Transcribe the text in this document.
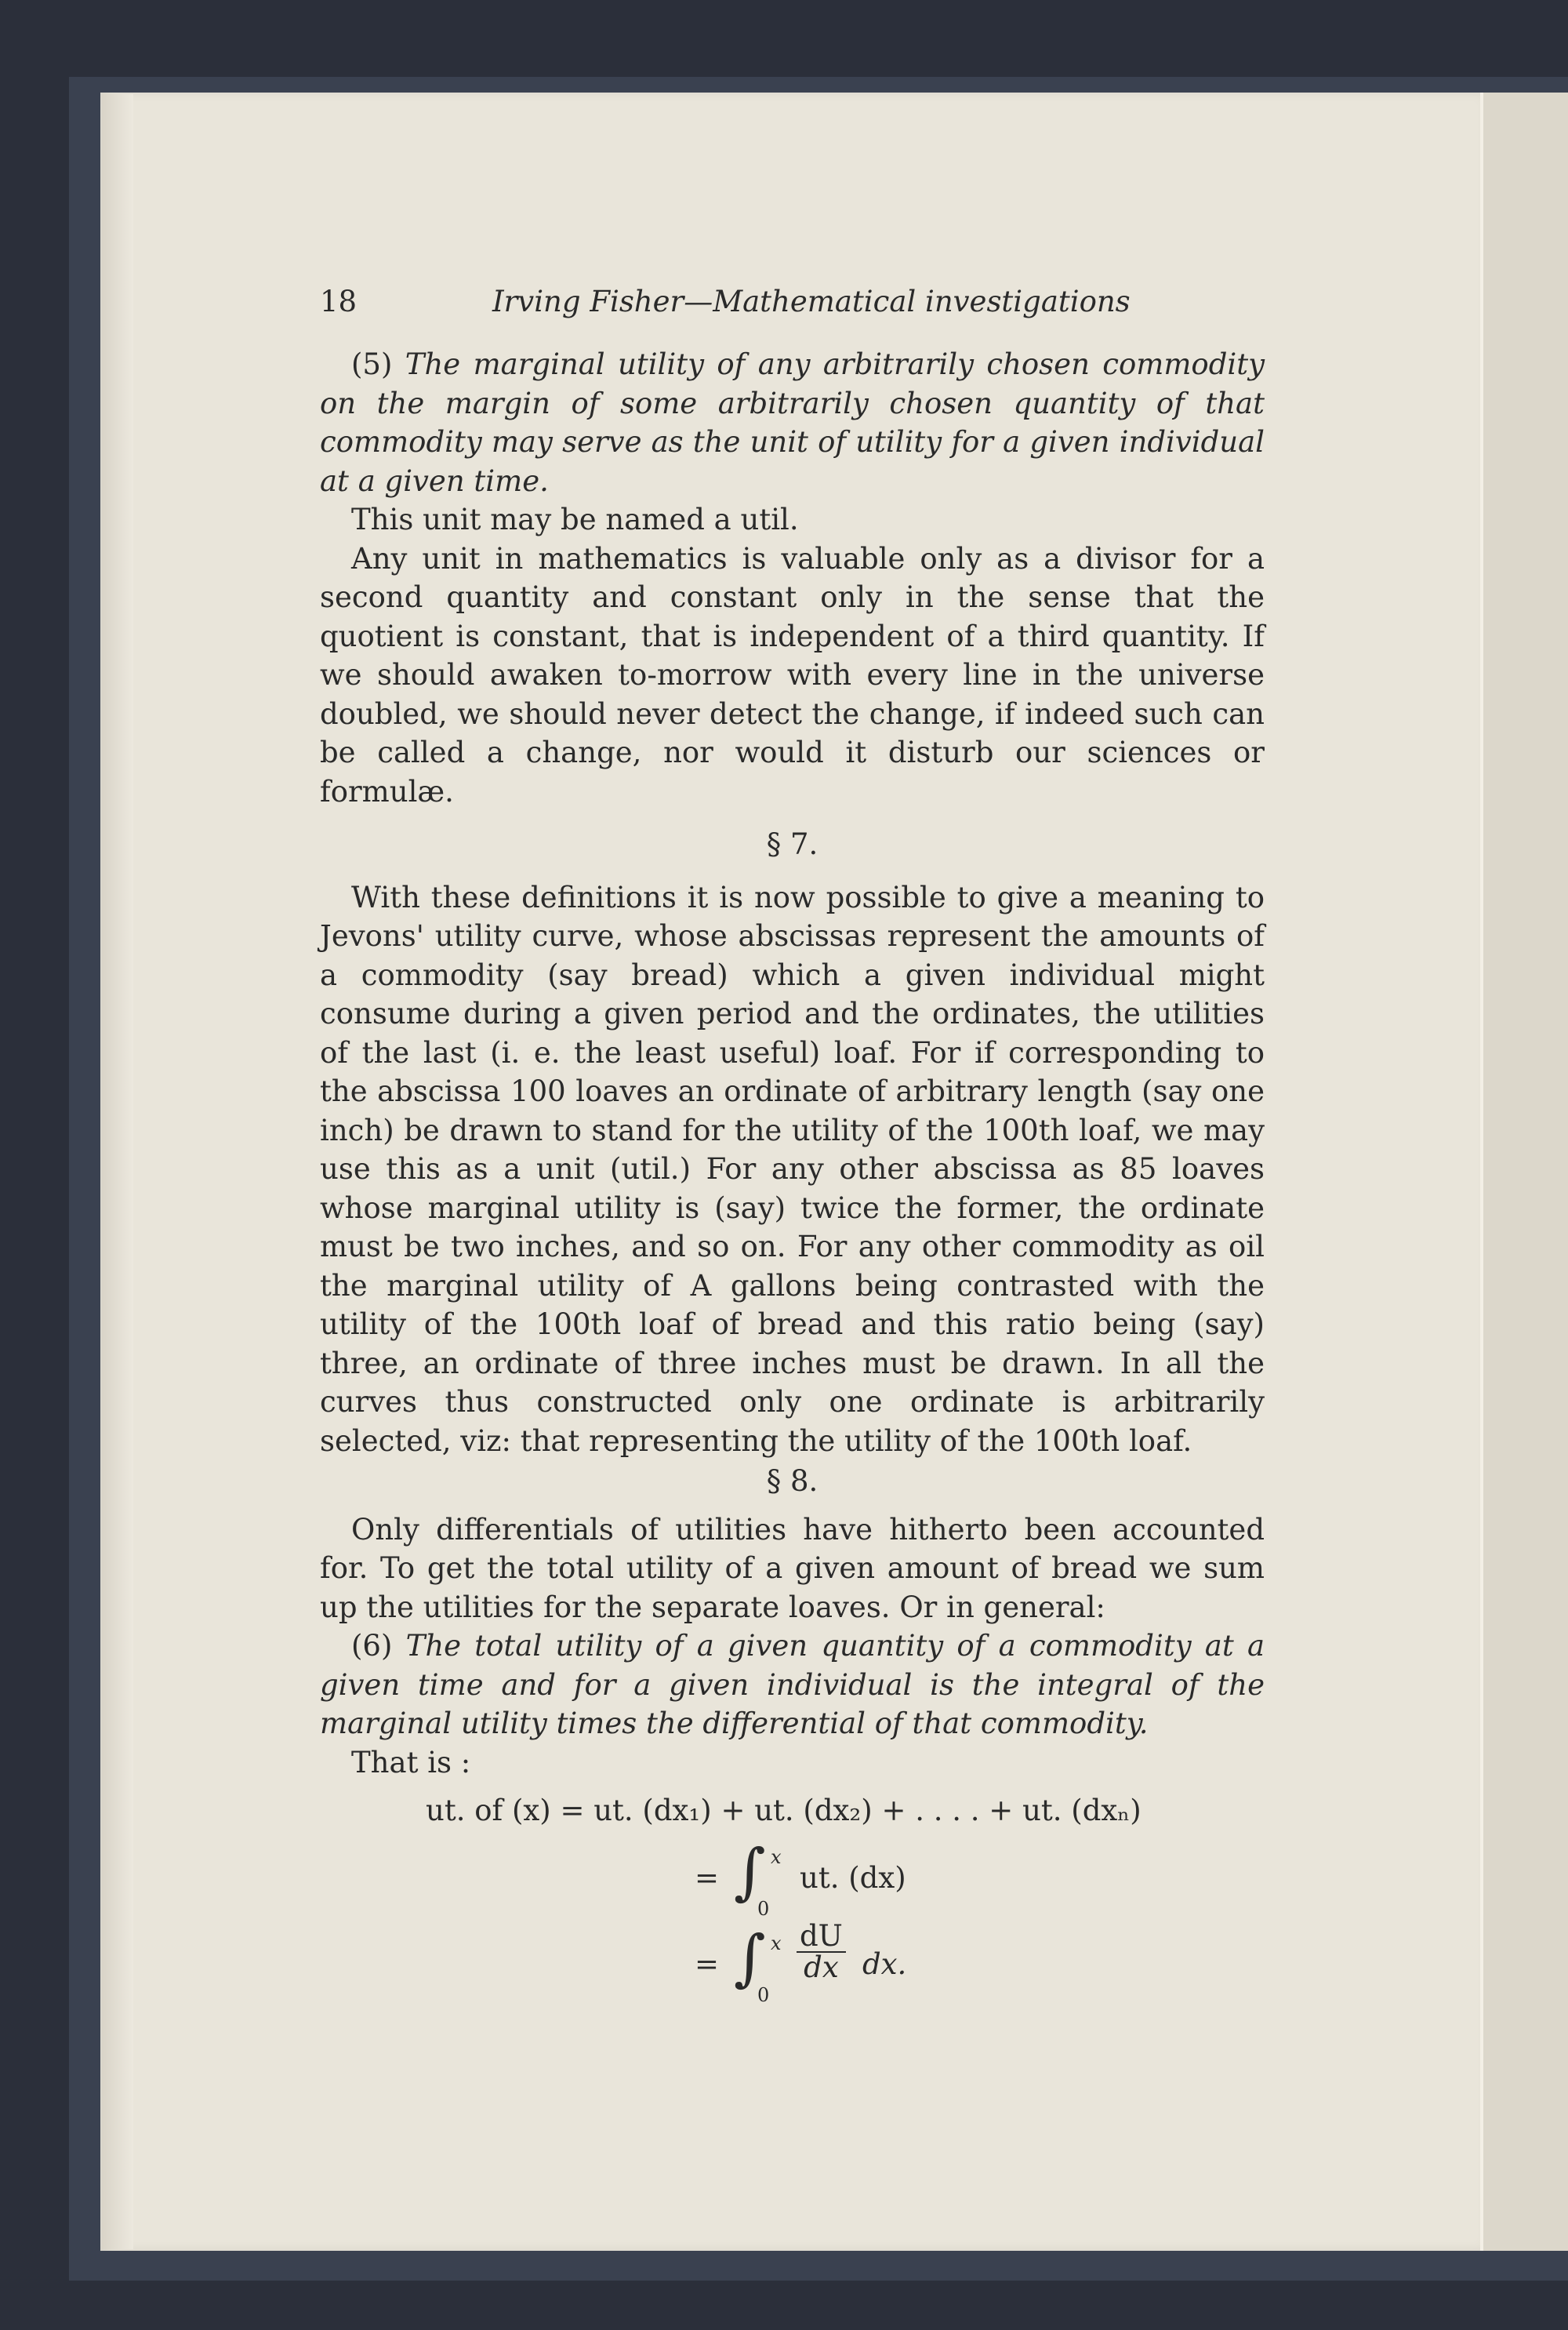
18	Irving Fisher—Mathematical investigations

(5) The marginal utility of any arbitrarily chosen commodity on the margin of some arbitrarily chosen quantity of that commodity may serve as the unit of utility for a given individual at a given time.

This unit may be named a util.

Any unit in mathematics is valuable only as a divisor for a second quantity and constant only in the sense that the quotient is constant, that is independent of a third quantity. If we should awaken to-morrow with every line in the universe doubled, we should never detect the change, if indeed such can be called a change, nor would it disturb our sciences or formulæ.

§ 7.

With these definitions it is now possible to give a meaning to Jevons' utility curve, whose abscissas represent the amounts of a commodity (say bread) which a given individual might consume during a given period and the ordinates, the utilities of the last (i. e. the least useful) loaf. For if corresponding to the abscissa 100 loaves an ordinate of arbitrary length (say one inch) be drawn to stand for the utility of the 100th loaf, we may use this as a unit (util.) For any other abscissa as 85 loaves whose marginal utility is (say) twice the former, the ordinate must be two inches, and so on. For any other commodity as oil the marginal utility of A gallons being contrasted with the utility of the 100th loaf of bread and this ratio being (say) three, an ordinate of three inches must be drawn. In all the curves thus constructed only one ordinate is arbitrarily selected, viz: that representing the utility of the 100th loaf.

§ 8.

Only differentials of utilities have hitherto been accounted for. To get the total utility of a given amount of bread we sum up the utilities for the separate loaves. Or in general:

(6) The total utility of a given quantity of a commodity at a given time and for a given individual is the integral of the marginal utility times the differential of that commodity.

That is :

ut. of (x) = ut. (dx₁) + ut. (dx₂) + . . . . + ut. (dxₙ)
= ∫ x
0
ut. (dx)
= ∫ x
0
$\frac{dU}{dx}$ dx.
